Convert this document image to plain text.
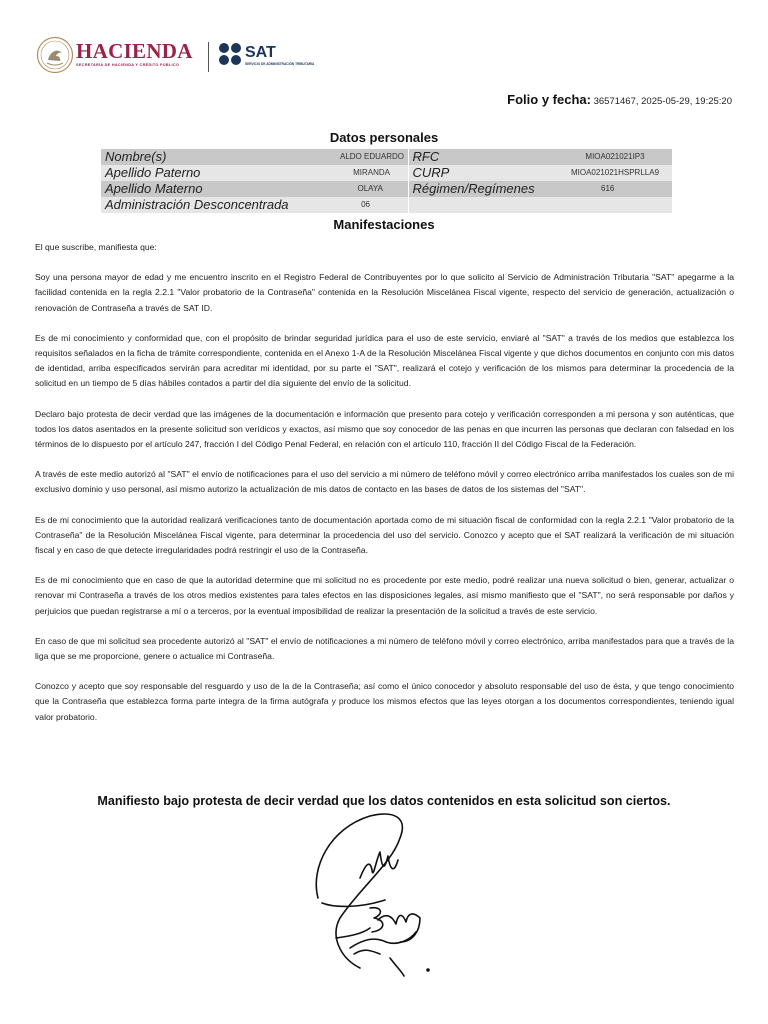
HACIENDA
SECRETARÍA DE HACIENDA Y CRÉDITO PÚBLICO
SAT
SERVICIO DE ADMINISTRACIÓN TRIBUTARIA
Folio y fecha: 36571467, 2025-05-29, 19:25:20
Datos personales
Nombre(s) ALDO EDUARDO		RFC	MIOA021021IP3
Apellido Paterno MIRANDA		CURP	MIOA021021HSPRLLA9
Apellido Materno OLAYA		Régimen/Regímenes	616
Administración Desconcentrada 06		

Manifestaciones

El que suscribe, manifiesta que:

Soy una persona mayor de edad y me encuentro inscrito en el Registro Federal de Contribuyentes por lo que solicito al Servicio de Administración Tributaria "SAT" apegarme a la facilidad contenida en la regla 2.2.1 "Valor probatorio de la Contraseña" contenida en la Resolución Miscelánea Fiscal vigente, respecto del servicio de generación, actualización o renovación de Contraseña a través de SAT ID.

Es de mi conocimiento y conformidad que, con el propósito de brindar seguridad jurídica para el uso de este servicio, enviaré al "SAT" a través de los medios que establezca los requisitos señalados en la ficha de trámite correspondiente, contenida en el Anexo 1-A de la Resolución Miscelánea Fiscal vigente y que dichos documentos en conjunto con mis datos de identidad, arriba especificados servirán para acreditar mi identidad, por su parte el "SAT", realizará el cotejo y verificación de los mismos para determinar la procedencia de la solicitud en un tiempo de 5 días hábiles contados a partir del día siguiente del envío de la solicitud.

Declaro bajo protesta de decir verdad que las imágenes de la documentación e información que presento para cotejo y verificación corresponden a mi persona y son auténticas, que todos los datos asentados en la presente solicitud son verídicos y exactos, así mismo que soy conocedor de las penas en que incurren las personas que declaran con falsedad en los términos de lo dispuesto por el artículo 247, fracción I del Código Penal Federal, en relación con el artículo 110, fracción II del Código Fiscal de la Federación.

A través de este medio autorizó al "SAT" el envío de notificaciones para el uso del servicio a mi número de teléfono móvil y correo electrónico arriba manifestados los cuales son de mi exclusivo dominio y uso personal, así mismo autorizo la actualización de mis datos de contacto en las bases de datos de los sistemas del "SAT".

Es de mi conocimiento que la autoridad realizará verificaciones tanto de documentación aportada como de mi situación fiscal de conformidad con la regla 2.2.1 "Valor probatorio de la Contraseña" de la Resolución Miscelánea Fiscal vigente, para determinar la procedencia del uso del servicio. Conozco y acepto que el SAT realizará la verificación de mi situación fiscal y en caso de que detecte irregularidades podrá restringir el uso de la Contraseña.

Es de mi conocimiento que en caso de que la autoridad determine que mi solicitud no es procedente por este medio, podré realizar una nueva solicitud o bien, generar, actualizar o renovar mi Contraseña a través de los otros medios existentes para tales efectos en las disposiciones legales, así mismo manifiesto que el "SAT", no será responsable por daños y perjuicios que puedan registrarse a mí o a terceros, por la eventual imposibilidad de realizar la presentación de la solicitud a través de este servicio.

En caso de que mi solicitud sea procedente autorizó al "SAT" el envío de notificaciones a mi número de teléfono móvil y correo electrónico, arriba manifestados para que a través de la liga que se me proporcione, genere o actualice mi Contraseña.

Conozco y acepto que soy responsable del resguardo y uso de la de la Contraseña; así como el único conocedor y absoluto responsable del uso de ésta, y que tengo conocimiento que la Contraseña que establezca forma parte integra de la firma autógrafa y produce los mismos efectos que las leyes otorgan a los documentos correspondientes, teniendo igual valor probatorio.

Manifiesto bajo protesta de decir verdad que los datos contenidos en esta solicitud son ciertos.
